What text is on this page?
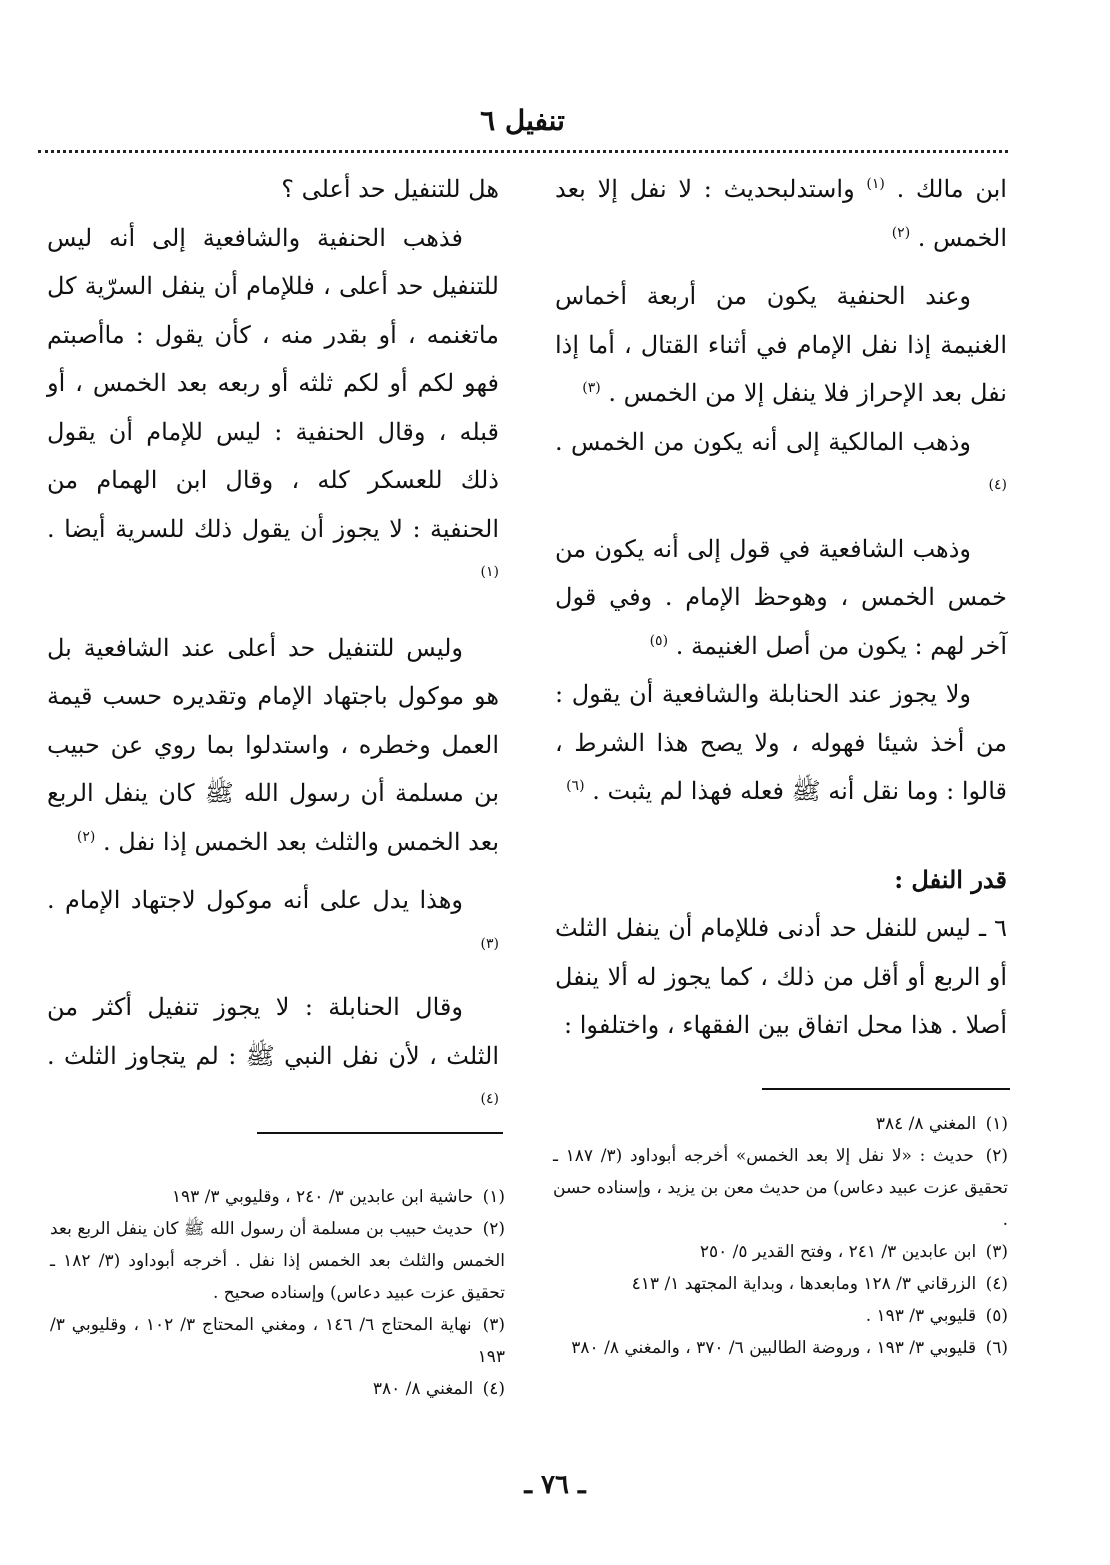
تنفيل ٦

ابن مالك . $^{(١)}$ واستدلبحديث : لا نفل إلا بعد الخمس . $^{(٢)}$

وعند الحنفية يكون من أربعة أخماس الغنيمة إذا نفل الإمام في أثناء القتال ، أما إذا نفل بعد الإحراز فلا ينفل إلا من الخمس . $^{(٣)}$

وذهب المالكية إلى أنه يكون من الخمس . $^{(٤)}$

وذهب الشافعية في قول إلى أنه يكون من خمس الخمس ، وهوحظ الإمام . وفي قول آخر لهم : يكون من أصل الغنيمة . $^{(٥)}$

ولا يجوز عند الحنابلة والشافعية أن يقول : من أخذ شيئا فهوله ، ولا يصح هذا الشرط ، قالوا : وما نقل أنه ﷺ فعله فهذا لم يثبت . $^{(٦)}$

قدر النفل :

٦ ـ ليس للنفل حد أدنى فللإمام أن ينفل الثلث أو الربع أو أقل من ذلك ، كما يجوز له ألا ينفل أصلا . هذا محل اتفاق بين الفقهاء ، واختلفوا :

هل للتنفيل حد أعلى ؟

فذهب الحنفية والشافعية إلى أنه ليس للتنفيل حد أعلى ، فللإمام أن ينفل السرّية كل ماتغنمه ، أو بقدر منه ، كأن يقول : ماأصبتم فهو لكم أو لكم ثلثه أو ربعه بعد الخمس ، أو قبله ، وقال الحنفية : ليس للإمام أن يقول ذلك للعسكر كله ، وقال ابن الهمام من الحنفية : لا يجوز أن يقول ذلك للسرية أيضا . $^{(١)}$

وليس للتنفيل حد أعلى عند الشافعية بل هو موكول باجتهاد الإمام وتقديره حسب قيمة العمل وخطره ، واستدلوا بما روي عن حبيب بن مسلمة أن رسول الله ﷺ كان ينفل الربع بعد الخمس والثلث بعد الخمس إذا نفل . $^{(٢)}$

وهذا يدل على أنه موكول لاجتهاد الإمام . $^{(٣)}$

وقال الحنابلة : لا يجوز تنفيل أكثر من الثلث ، لأن نفل النبي ﷺ : لم يتجاوز الثلث . $^{(٤)}$

(١) المغني ٨/ ٣٨٤

(٢) حديث : «لا نفل إلا بعد الخمس» أخرجه أبوداود (٣/ ١٨٧ ـ تحقيق عزت عبيد دعاس) من حديث معن بن يزيد ، وإسناده حسن .

(٣) ابن عابدين ٣/ ٢٤١ ، وفتح القدير ٥/ ٢٥٠

(٤) الزرقاني ٣/ ١٢٨ ومابعدها ، وبداية المجتهد ١/ ٤١٣

(٥) قليوبي ٣/ ١٩٣ .

(٦) قليوبي ٣/ ١٩٣ ، وروضة الطالبين ٦/ ٣٧٠ ، والمغني ٨/ ٣٨٠

(١) حاشية ابن عابدين ٣/ ٢٤٠ ، وقليوبي ٣/ ١٩٣

(٢) حديث حبيب بن مسلمة أن رسول الله ﷺ كان ينفل الربع بعد الخمس والثلث بعد الخمس إذا نفل . أخرجه أبوداود (٣/ ١٨٢ ـ تحقيق عزت عبيد دعاس) وإسناده صحيح .

(٣) نهاية المحتاج ٦/ ١٤٦ ، ومغني المحتاج ٣/ ١٠٢ ، وقليوبي ٣/ ١٩٣

(٤) المغني ٨/ ٣٨٠

ـ ٧٦ ـ
